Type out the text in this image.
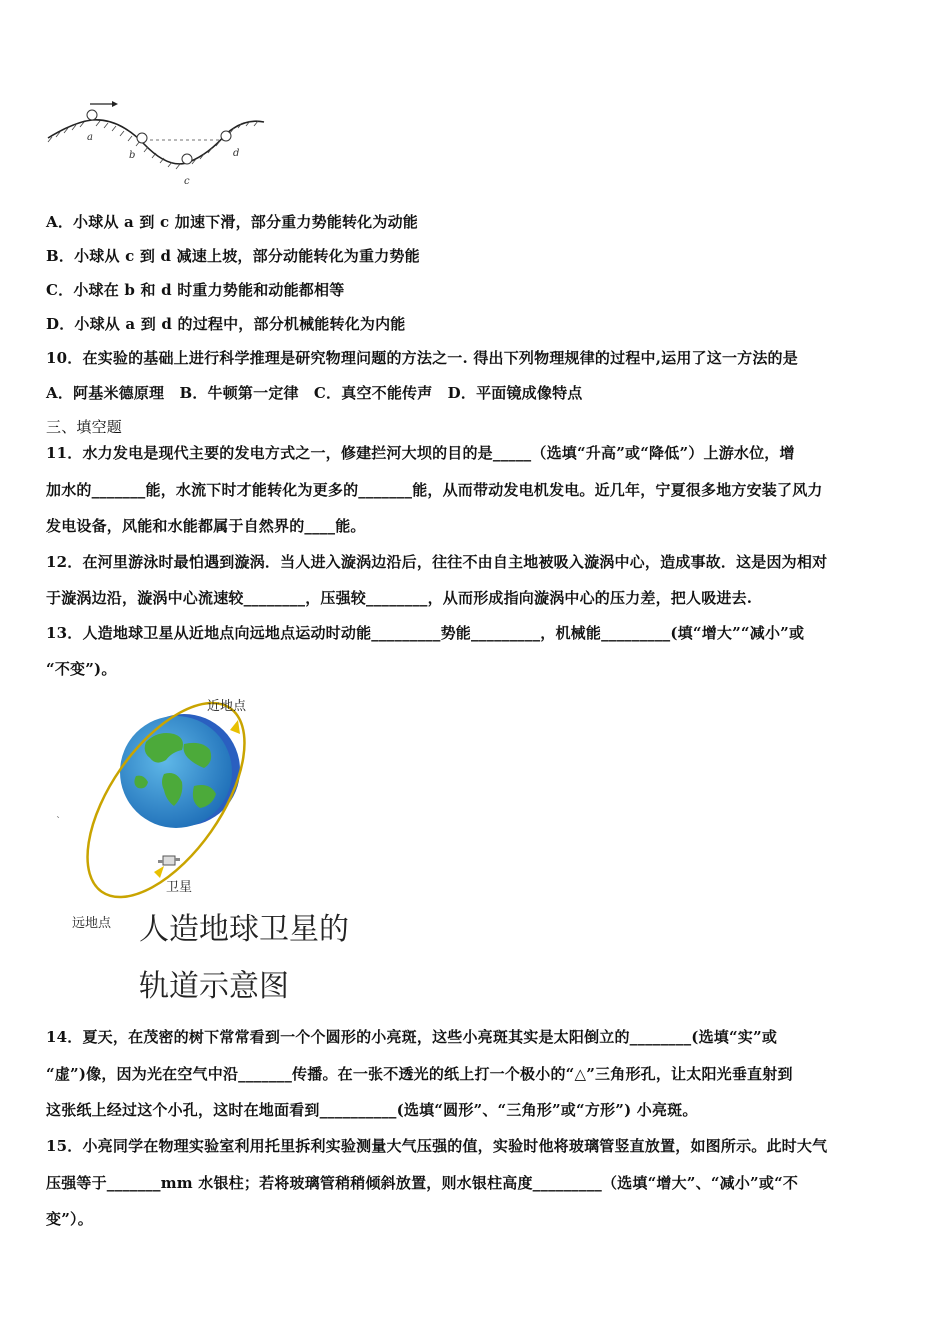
a
b
c
d
A．小球从 a 到 c 加速下滑，部分重力势能转化为动能
B．小球从 c 到 d 减速上坡，部分动能转化为重力势能
C．小球在 b 和 d 时重力势能和动能都相等
D．小球从 a 到 d 的过程中，部分机械能转化为内能
10．在实验的基础上进行科学推理是研究物理问题的方法之一. 得出下列物理规律的过程中,运用了这一方法的是
A．阿基米德原理　B．牛顿第一定律　C．真空不能传声　D．平面镜成像特点
三、填空题
11．水力发电是现代主要的发电方式之一，修建拦河大坝的目的是_____（选填“升高”或“降低”）上游水位，增
加水的_______能，水流下时才能转化为更多的_______能，从而带动发电机发电。近几年，宁夏很多地方安装了风力
发电设备，风能和水能都属于自然界的____能。
12．在河里游泳时最怕遇到漩涡．当人进入漩涡边沿后，往往不由自主地被吸入漩涡中心，造成事故．这是因为相对
于漩涡边沿，漩涡中心流速较________，压强较________，从而形成指向漩涡中心的压力差，把人吸进去.
13．人造地球卫星从近地点向远地点运动时动能_________势能_________，机械能_________(填“增大”“减小”或
“不变”)。
`
近地点
卫星
远地点 人造地球卫星的
轨道示意图
14．夏天，在茂密的树下常常看到一个个圆形的小亮斑，这些小亮斑其实是太阳倒立的________(选填“实”或
“虚”)像，因为光在空气中沿_______传播。在一张不透光的纸上打一个极小的“△”三角形孔，让太阳光垂直射到
这张纸上经过这个小孔，这时在地面看到__________(选填“圆形”、“三角形”或“方形”) 小亮斑。
15．小亮同学在物理实验室利用托里拆利实验测量大气压强的值，实验时他将玻璃管竖直放置，如图所示。此时大气
压强等于_______mm 水银柱；若将玻璃管稍稍倾斜放置，则水银柱高度_________（选填“增大”、“减小”或“不
变”）。
